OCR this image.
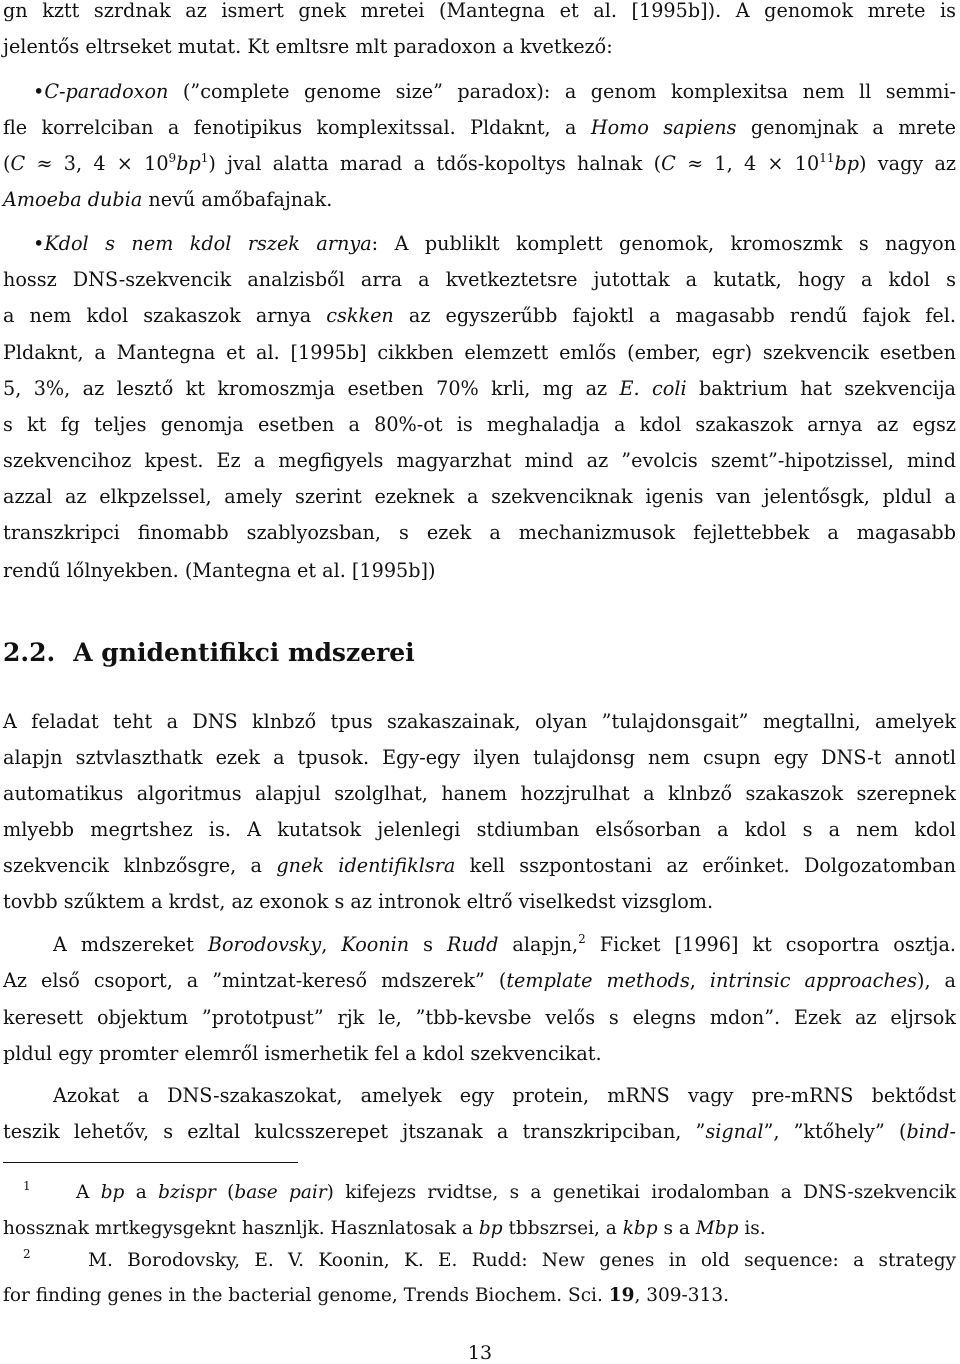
gn kztt szrdnak az ismert gnek mretei (Mantegna et al. [1995b]). A genomok mrete is
jelentős eltrseket mutat. Kt emltsre mlt paradoxon a kvetkező:
•C-paradoxon (”complete genome size” paradox): a genom komplexitsa nem ll semmi-
fle korrelciban a fenotipikus komplexitssal. Pldaknt, a Homo sapiens genomjnak a mrete
(C ≈ 3, $4 \times 10^9bp^1$) jval alatta marad a tdős-kopoltys halnak (C ≈ 1, $4 \times 10^{11}bp$) vagy az
Amoeba dubia nevű amőbafajnak.
•Kdol s nem kdol rszek arnya: A publiklt komplett genomok, kromoszmk s nagyon
hossz DNS-szekvencik analzisből arra a kvetkeztetsre jutottak a kutatk, hogy a kdol s
a nem kdol szakaszok arnya cskken az egyszerűbb fajoktl a magasabb rendű fajok fel.
Pldaknt, a Mantegna et al. [1995b] cikkben elemzett emlős (ember, egr) szekvencik esetben
5, 3%, az lesztő kt kromoszmja esetben 70% krli, mg az E. coli baktrium hat szekvencija
s kt fg teljes genomja esetben a 80%-ot is meghaladja a kdol szakaszok arnya az egsz
szekvencihoz kpest. Ez a megfigyels magyarzhat mind az ”evolcis szemt”-hipotzissel, mind
azzal az elkpzelssel, amely szerint ezeknek a szekvenciknak igenis van jelentősgk, pldul a
transzkripci finomabb szablyozsban, s ezek a mechanizmusok fejlettebbek a magasabb
rendű lőlnyekben. (Mantegna et al. [1995b])
2.2. A gnidentifikci mdszerei
A feladat teht a DNS klnbző tpus szakaszainak, olyan ”tulajdonsgait” megtallni, amelyek
alapjn sztvlaszthatk ezek a tpusok. Egy-egy ilyen tulajdonsg nem csupn egy DNS-t annotl
automatikus algoritmus alapjul szolglhat, hanem hozzjrulhat a klnbző szakaszok szerepnek
mlyebb megrtshez is. A kutatsok jelenlegi stdiumban elsősorban a kdol s a nem kdol
szekvencik klnbzősgre, a gnek identifiklsra kell sszpontostani az erőinket. Dolgozatomban
tovbb szűktem a krdst, az exonok s az intronok eltrő viselkedst vizsglom.
A mdszereket Borodovsky, Koonin s Rudd alapjn,$^2$ Ficket [1996] kt csoportra osztja.
Az első csoport, a ”mintzat-kereső mdszerek” (template methods, intrinsic approaches), a
keresett objektum ”prototpust” rjk le, ”tbb-kevsbe velős s elegns mdon”. Ezek az eljrsok
pldul egy promter elemről ismerhetik fel a kdol szekvencikat.
Azokat a DNS-szakaszokat, amelyek egy protein, mRNS vagy pre-mRNS bektődst
teszik lehetőv, s ezltal kulcsszerepet jtszanak a transzkripciban, ”signal”, ”ktőhely” (bind-
$^1$ A bp a bzispr (base pair) kifejezs rvidtse, s a genetikai irodalomban a DNS-szekvencik
hossznak mrtkegysgeknt hasznljk. Hasznlatosak a bp tbbszrsei, a kbp s a Mbp is.
$^2$	M. Borodovsky, E. V. Koonin, K. E. Rudd: New genes in old sequence: a strategy
for finding genes in the bacterial genome, Trends Biochem. Sci. 19, 309-313.
13
